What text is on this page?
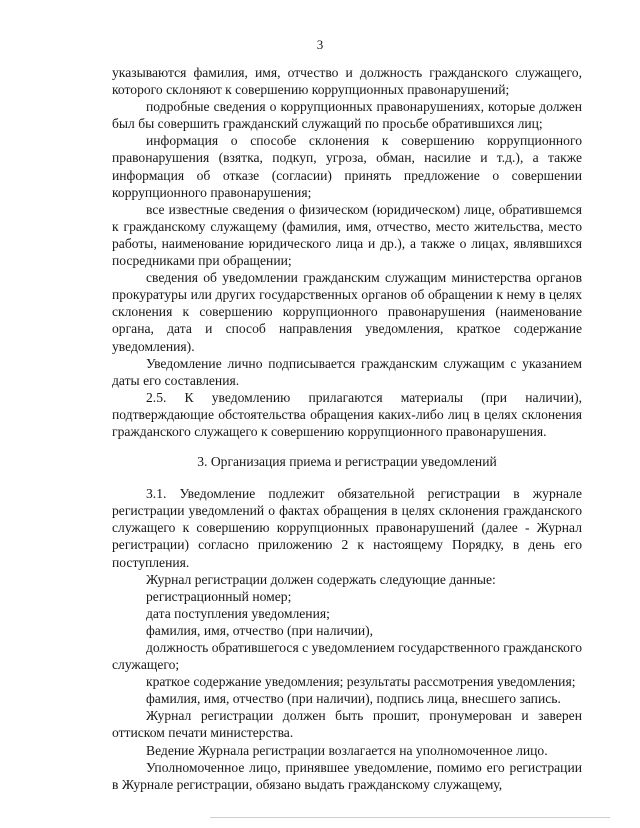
3

указываются фамилия, имя, отчество и должность гражданского служащего, которого склоняют к совершению коррупционных правонарушений;

подробные сведения о коррупционных правонарушениях, которые должен был бы совершить гражданский служащий по просьбе обратившихся лиц;

информация о способе склонения к совершению коррупционного правонарушения (взятка, подкуп, угроза, обман, насилие и т.д.), а также информация об отказе (согласии) принять предложение о совершении коррупционного правонарушения;

все известные сведения о физическом (юридическом) лице, обратившемся к гражданскому служащему (фамилия, имя, отчество, место жительства, место работы, наименование юридического лица и др.), а также о лицах, являвшихся посредниками при обращении;

сведения об уведомлении гражданским служащим министерства органов прокуратуры или других государственных органов об обращении к нему в целях склонения к совершению коррупционного правонарушения (наименование органа, дата и способ направления уведомления, краткое содержание уведомления).

Уведомление лично подписывается гражданским служащим с указанием даты его составления.

2.5. К уведомлению прилагаются материалы (при наличии), подтверждающие обстоятельства обращения каких-либо лиц в целях склонения гражданского служащего к совершению коррупционного правонарушения.

3. Организация приема и регистрации уведомлений

3.1. Уведомление подлежит обязательной регистрации в журнале регистрации уведомлений о фактах обращения в целях склонения гражданского служащего к совершению коррупционных правонарушений (далее - Журнал регистрации) согласно приложению 2 к настоящему Порядку, в день его поступления.

Журнал регистрации должен содержать следующие данные:

регистрационный номер;

дата поступления уведомления;

фамилия, имя, отчество (при наличии),

должность обратившегося с уведомлением государственного гражданского служащего;

краткое содержание уведомления; результаты рассмотрения уведомления;

фамилия, имя, отчество (при наличии), подпись лица, внесшего запись.

Журнал регистрации должен быть прошит, пронумерован и заверен оттиском печати министерства.

Ведение Журнала регистрации возлагается на уполномоченное лицо.

Уполномоченное лицо, принявшее уведомление, помимо его регистрации в Журнале регистрации, обязано выдать гражданскому служащему,
